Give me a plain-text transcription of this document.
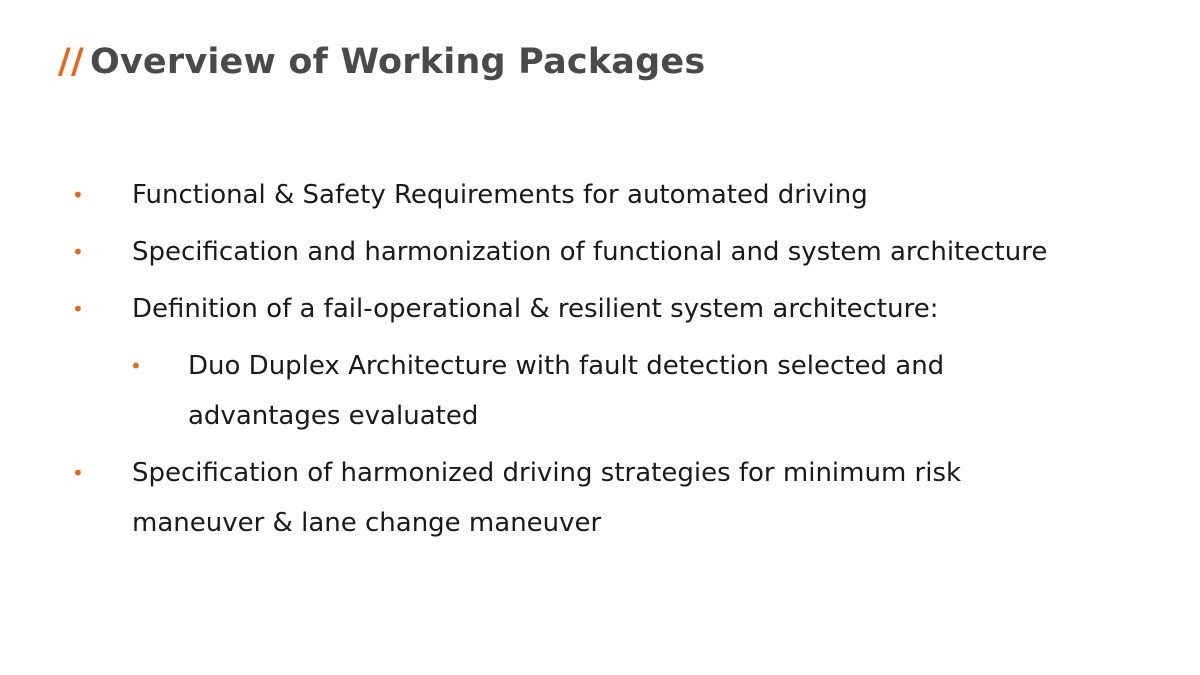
// Overview of Working Packages
• Functional & Safety Requirements for automated driving
• Specification and harmonization of functional and system architecture
• Definition of a fail-operational & resilient system architecture:
• Duo Duplex Architecture with fault detection selected and advantages evaluated
• Specification of harmonized driving strategies for minimum risk maneuver & lane change maneuver
